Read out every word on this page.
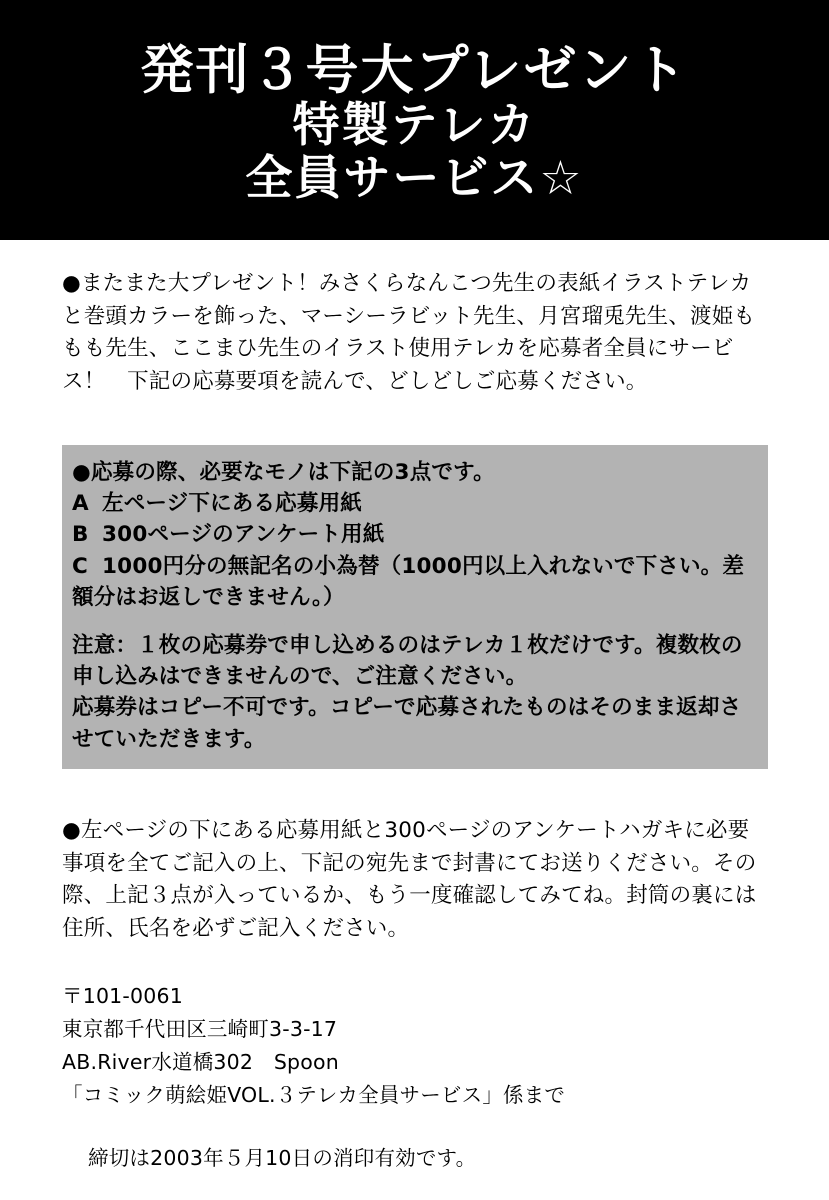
発刊３号大プレゼント
特製テレカ
全員サービス☆

●またまた大プレゼント！みさくらなんこつ先生の表紙イラストテレカと巻頭カラーを飾った、マーシーラビット先生、月宮瑠兎先生、渡姫ももも先生、ここまひ先生のイラスト使用テレカを応募者全員にサービス！　下記の応募要項を読んで、どしどしご応募ください。

●応募の際、必要なモノは下記の3点です。

A 左ページ下にある応募用紙

B 300ページのアンケート用紙

C 1000円分の無記名の小為替（1000円以上入れないで下さい。差額分はお返しできません。）

注意：１枚の応募券で申し込めるのはテレカ１枚だけです。複数枚の申し込みはできませんので、ご注意ください。

応募券はコピー不可です。コピーで応募されたものはそのまま返却させていただきます。

●左ページの下にある応募用紙と300ページのアンケートハガキに必要事項を全てご記入の上、下記の宛先まで封書にてお送りください。その際、上記３点が入っているか、もう一度確認してみてね。封筒の裏には住所、氏名を必ずご記入ください。

〒101-0061
東京都千代田区三崎町3-3-17
AB.River水道橋302　Spoon
「コミック萌絵姫VOL.３テレカ全員サービス」係まで

締切は2003年５月10日の消印有効です。
